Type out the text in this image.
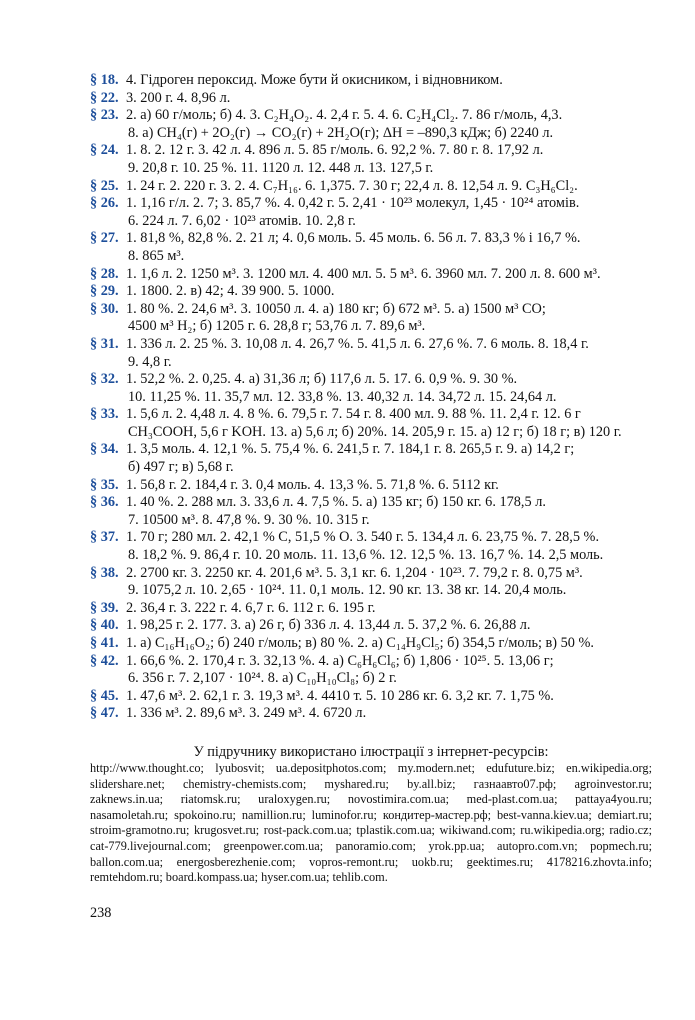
§ 18. 4. Гідроген пероксид. Може бути й окисником, і відновником.
§ 22. 3. 200 г. 4. 8,96 л.
§ 23. 2. а) 60 г/моль; б) 4. 3. C₂H₄O₂. 4. 2,4 г. 5. 4. 6. C₂H₄Cl₂. 7. 86 г/моль, 4,3.
8. а) CH₄(г) + 2O₂(г) → CO₂(г) + 2H₂O(г); ΔH = –890,3 кДж; б) 2240 л.
§ 24. 1. 8. 2. 12 г. 3. 42 л. 4. 896 л. 5. 85 г/моль. 6. 92,2 %. 7. 80 г. 8. 17,92 л.
9. 20,8 г. 10. 25 %. 11. 1120 л. 12. 448 л. 13. 127,5 г.
§ 25. 1. 24 г. 2. 220 г. 3. 2. 4. C₇H₁₆. 6. 1,375. 7. 30 г; 22,4 л. 8. 12,54 л. 9. C₃H₆Cl₂.
§ 26. 1. 1,16 г/л. 2. 7; 3. 85,7 %. 4. 0,42 г. 5. 2,41 · 10²³ молекул, 1,45 · 10²⁴ атомів.
6. 224 л. 7. 6,02 · 10²³ атомів. 10. 2,8 г.
§ 27. 1. 81,8 %, 82,8 %. 2. 21 л; 4. 0,6 моль. 5. 45 моль. 6. 56 л. 7. 83,3 % і 16,7 %.
8. 865 м³.
§ 28. 1. 1,6 л. 2. 1250 м³. 3. 1200 мл. 4. 400 мл. 5. 5 м³. 6. 3960 мл. 7. 200 л. 8. 600 м³.
§ 29. 1. 1800. 2. в) 42; 4. 39 900. 5. 1000.
§ 30. 1. 80 %. 2. 24,6 м³. 3. 10050 л. 4. а) 180 кг; б) 672 м³. 5. а) 1500 м³ CO;
4500 м³ H₂; б) 1205 г. 6. 28,8 г; 53,76 л. 7. 89,6 м³.
§ 31. 1. 336 л. 2. 25 %. 3. 10,08 л. 4. 26,7 %. 5. 41,5 л. 6. 27,6 %. 7. 6 моль. 8. 18,4 г.
9. 4,8 г.
§ 32. 1. 52,2 %. 2. 0,25. 4. а) 31,36 л; б) 117,6 л. 5. 17. 6. 0,9 %. 9. 30 %.
10. 11,25 %. 11. 35,7 мл. 12. 33,8 %. 13. 40,32 л. 14. 34,72 л. 15. 24,64 л.
§ 33. 1. 5,6 л. 2. 4,48 л. 4. 8 %. 6. 79,5 г. 7. 54 г. 8. 400 мл. 9. 88 %. 11. 2,4 г. 12. 6 г
CH₃COOH, 5,6 г KOH. 13. а) 5,6 л; б) 20%. 14. 205,9 г. 15. а) 12 г; б) 18 г; в) 120 г.
§ 34. 1. 3,5 моль. 4. 12,1 %. 5. 75,4 %. 6. 241,5 г. 7. 184,1 г. 8. 265,5 г. 9. а) 14,2 г;
б) 497 г; в) 5,68 г.
§ 35. 1. 56,8 г. 2. 184,4 г. 3. 0,4 моль. 4. 13,3 %. 5. 71,8 %. 6. 5112 кг.
§ 36. 1. 40 %. 2. 288 мл. 3. 33,6 л. 4. 7,5 %. 5. а) 135 кг; б) 150 кг. 6. 178,5 л.
7. 10500 м³. 8. 47,8 %. 9. 30 %. 10. 315 г.
§ 37. 1. 70 г; 280 мл. 2. 42,1 % C, 51,5 % O. 3. 540 г. 5. 134,4 л. 6. 23,75 %. 7. 28,5 %.
8. 18,2 %. 9. 86,4 г. 10. 20 моль. 11. 13,6 %. 12. 12,5 %. 13. 16,7 %. 14. 2,5 моль.
§ 38. 2. 2700 кг. 3. 2250 кг. 4. 201,6 м³. 5. 3,1 кг. 6. 1,204 · 10²³. 7. 79,2 г. 8. 0,75 м³.
9. 1075,2 л. 10. 2,65 · 10²⁴. 11. 0,1 моль. 12. 90 кг. 13. 38 кг. 14. 20,4 моль.
§ 39. 2. 36,4 г. 3. 222 г. 4. 6,7 г. 6. 112 г. 6. 195 г.
§ 40. 1. 98,25 г. 2. 177. 3. а) 26 г, б) 336 л. 4. 13,44 л. 5. 37,2 %. 6. 26,88 л.
§ 41. 1. а) C₁₆H₁₆O₂; б) 240 г/моль; в) 80 %. 2. а) C₁₄H₉Cl₅; б) 354,5 г/моль; в) 50 %.
§ 42. 1. 66,6 %. 2. 170,4 г. 3. 32,13 %. 4. а) C₆H₆Cl₆; б) 1,806 · 10²⁵. 5. 13,06 г;
6. 356 г. 7. 2,107 · 10²⁴. 8. а) C₁₀H₁₀Cl₈; б) 2 г.
§ 45. 1. 47,6 м³. 2. 62,1 г. 3. 19,3 м³. 4. 4410 т. 5. 10 286 кг. 6. 3,2 кг. 7. 1,75 %.
§ 47. 1. 336 м³. 2. 89,6 м³. 3. 249 м³. 4. 6720 л.
У підручнику використано ілюстрації з інтернет-ресурсів:
http://www.thought.co; lyubosvit; ua.depositphotos.com; my.modern.net; edufuture.biz; en.wikipedia.org; slidershare.net; chemistry-chemists.com; myshared.ru; by.all.biz; газнаавто07.рф; agroinvestor.ru; zaknews.in.ua; riatomsk.ru; uraloxygen.ru; novostimira.com.ua; med-plast.com.ua; pattaya4you.ru; nasamoletah.ru; spokoino.ru; namillion.ru; luminofor.ru; кондитер-мастер.рф; best-vanna.kiev.ua; demiart.ru; stroim-gramotno.ru; krugosvet.ru; rost-pack.com.ua; tplastik.com.ua; wikiwand.com; ru.wikipedia.org; radio.cz; cat-779.livejournal.com; greenpower.com.ua; panoramio.com; yrok.pp.ua; autopro.com.vn; popmech.ru; ballon.com.ua; energosberezhenie.com; vopros-remont.ru; uokb.ru; geektimes.ru; 4178216.zhovta.info; remtehdom.ru; board.kompass.ua; hyser.com.ua; tehlib.com.
238
